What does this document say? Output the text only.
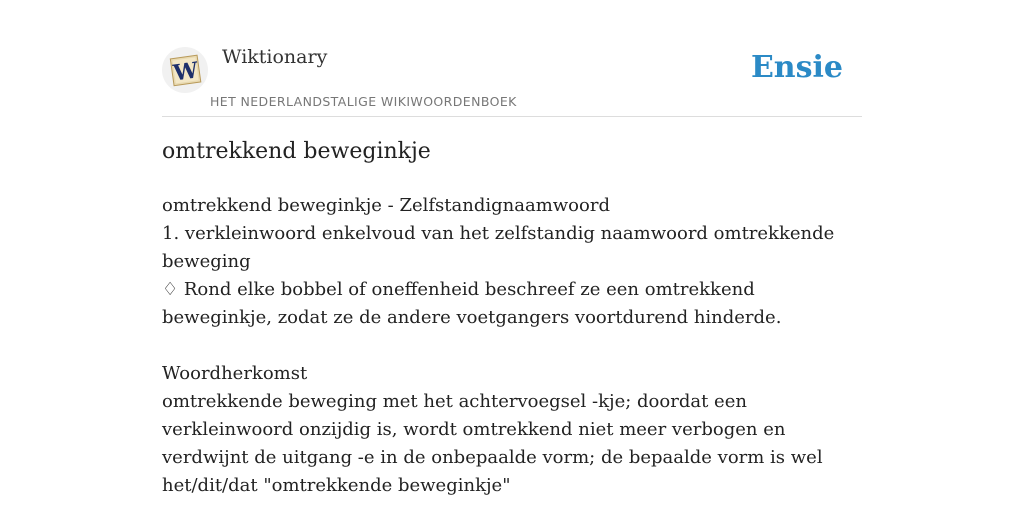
W
Wiktionary
HET NEDERLANDSTALIGE WIKIWOORDENBOEK
Ensie
omtrekkend beweginkje

omtrekkend beweginkje - Zelfstandignaamwoord

1. verkleinwoord enkelvoud van het zelfstandig naamwoord omtrekkende beweging

♢ Rond elke bobbel of oneffenheid beschreef ze een omtrekkend beweginkje, zodat ze de andere voetgangers voortdurend hinderde.

Woordherkomst

omtrekkende beweging met het achtervoegsel -kje; doordat een verkleinwoord onzijdig is, wordt omtrekkend niet meer verbogen en verdwijnt de uitgang -e in de onbepaalde vorm; de bepaalde vorm is wel het/dit/dat "omtrekkende beweginkje"
